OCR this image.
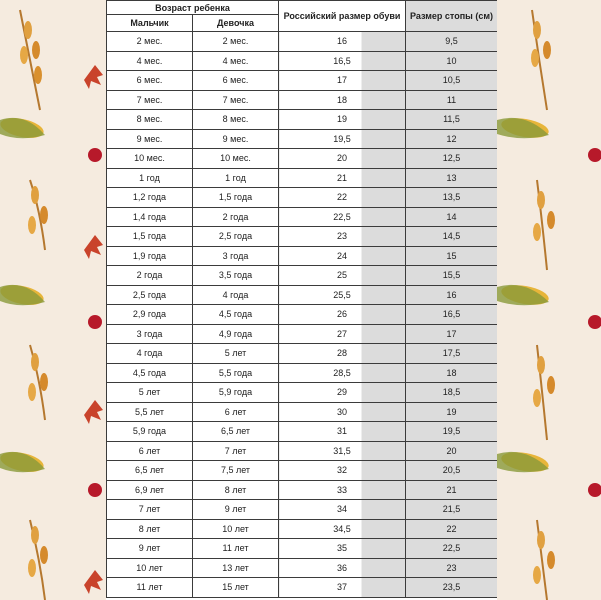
Возраст ребенка		Российский размер обуви	Размер стопы (см)
Мальчик	Девочка		
2 мес.	2 мес.	16	9,5
4 мес.	4 мес.	16,5	10
6 мес.	6 мес.	17	10,5
7 мес.	7 мес.	18	11
8 мес.	8 мес.	19	11,5
9 мес.	9 мес.	19,5	12
10 мес.	10 мес.	20	12,5
1 год	1 год	21	13
1,2 года	1,5 года	22	13,5
1,4 года	2 года	22,5	14
1,5 года	2,5 года	23	14,5
1,9 года	3 года	24	15
2 года	3,5 года	25	15,5
2,5 года	4 года	25,5	16
2,9 года	4,5 года	26	16,5
3 года	4,9 года	27	17
4 года	5 лет	28	17,5
4,5 года	5,5 года	28,5	18
5 лет	5,9 года	29	18,5
5,5 лет	6 лет	30	19
5,9 года	6,5 лет	31	19,5
6 лет	7 лет	31,5	20
6,5 лет	7,5 лет	32	20,5
6,9 лет	8 лет	33	21
7 лет	9 лет	34	21,5
8 лет	10 лет	34,5	22
9 лет	11 лет	35	22,5
10 лет	13 лет	36	23
11 лет	15 лет	37	23,5
